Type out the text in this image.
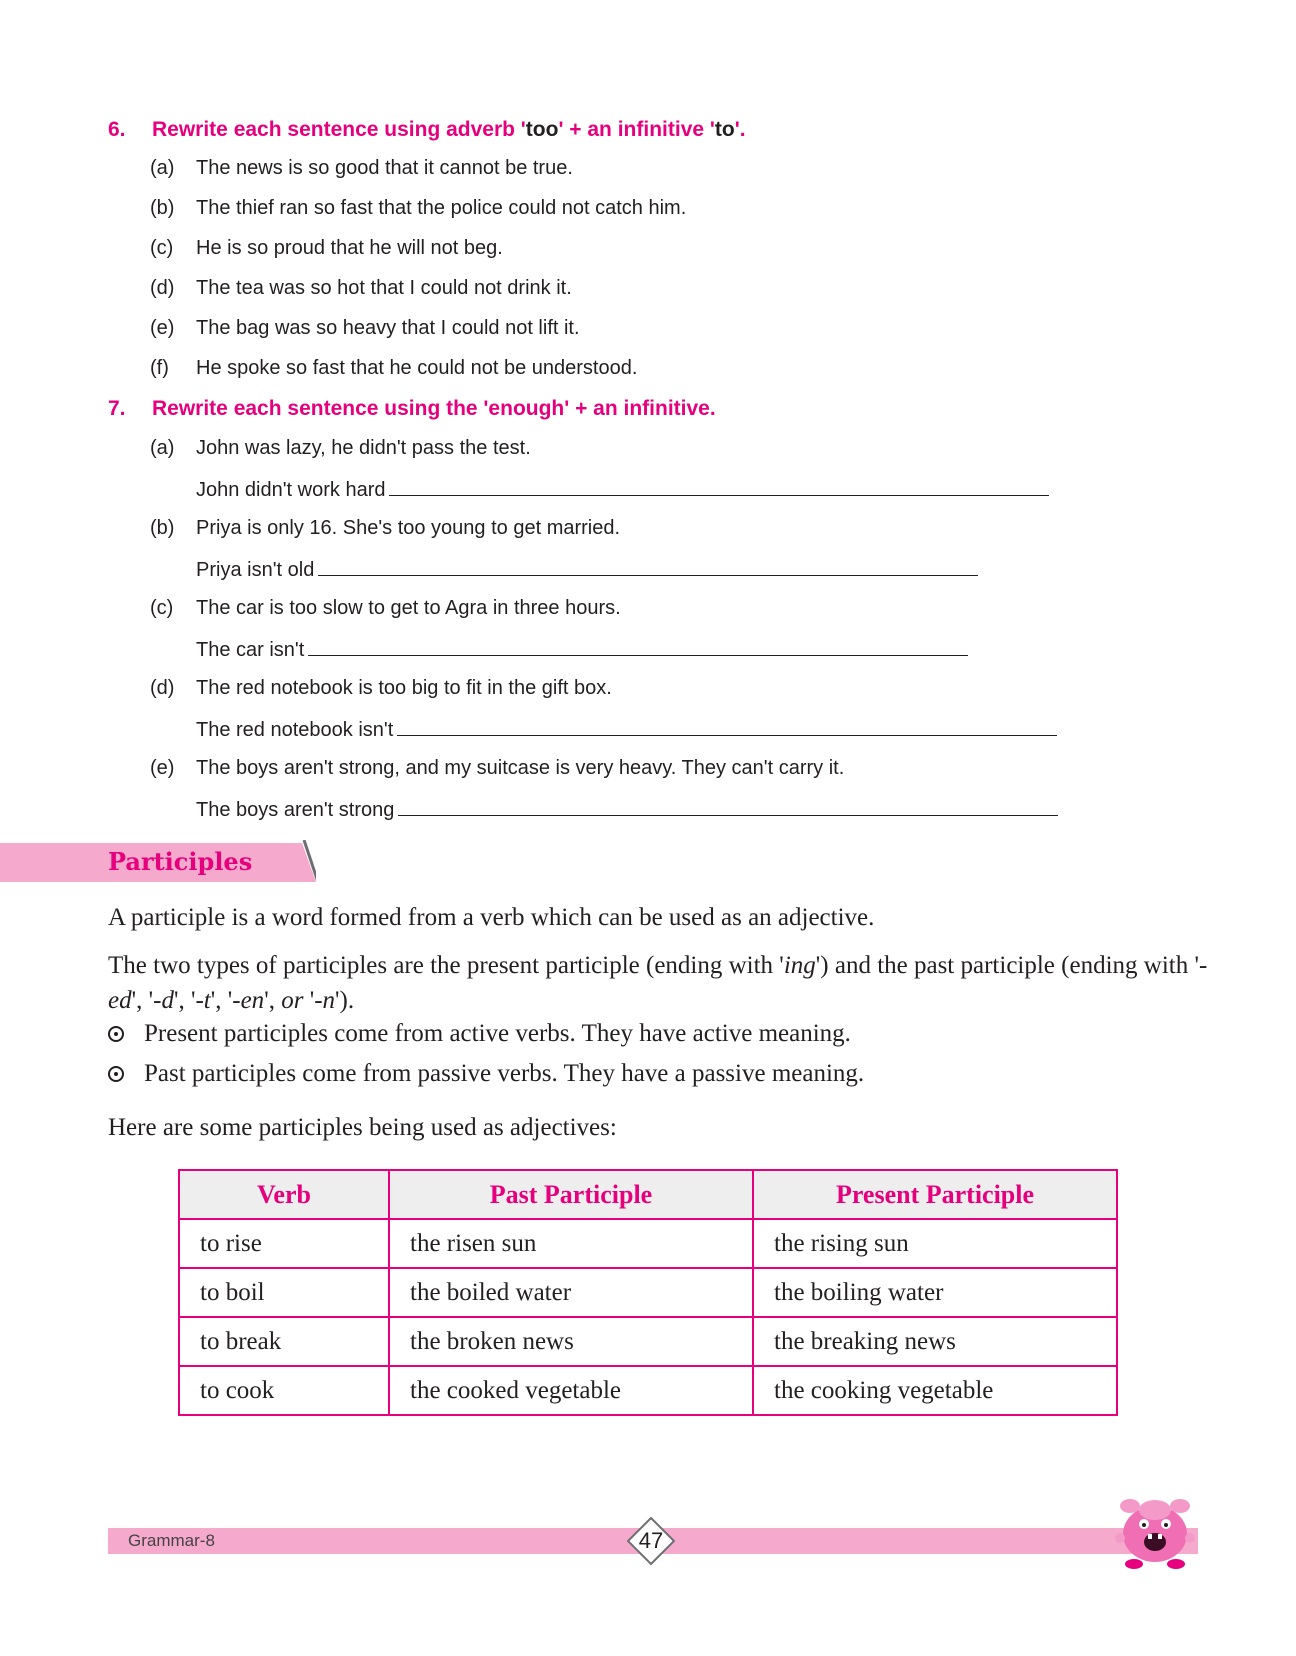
6. Rewrite each sentence using adverb 'too' + an infinitive 'to'.
(a)	The news is so good that it cannot be true.
(b)	The thief ran so fast that the police could not catch him.
(c)	He is so proud that he will not beg.
(d)	The tea was so hot that I could not drink it.
(e)	The bag was so heavy that I could not lift it.
(f)	He spoke so fast that he could not be understood.
7. Rewrite each sentence using the 'enough' + an infinitive.
(a)	John was lazy, he didn't pass the test.
John didn't work hard
(b)	Priya is only 16. She's too young to get married.
Priya isn't old
(c)	The car is too slow to get to Agra in three hours.
The car isn't
(d)	The red notebook is too big to fit in the gift box.
The red notebook isn't
(e)	The boys aren't strong, and my suitcase is very heavy. They can't carry it.
The boys aren't strong
Participles
A participle is a word formed from a verb which can be used as an adjective.
The two types of participles are the present participle (ending with 'ing') and the past participle (ending with '-ed', '-d', '-t', '-en', or '-n').
Present participles come from active verbs. They have active meaning.
Past participles come from passive verbs. They have a passive meaning.
Here are some participles being used as adjectives:
Verb	Past Participle	Present Participle
to rise	the risen sun	the rising sun
to boil	the boiled water	the boiling water
to break	the broken news	the breaking news
to cook	the cooked vegetable	the cooking vegetable
Grammar-8	47
